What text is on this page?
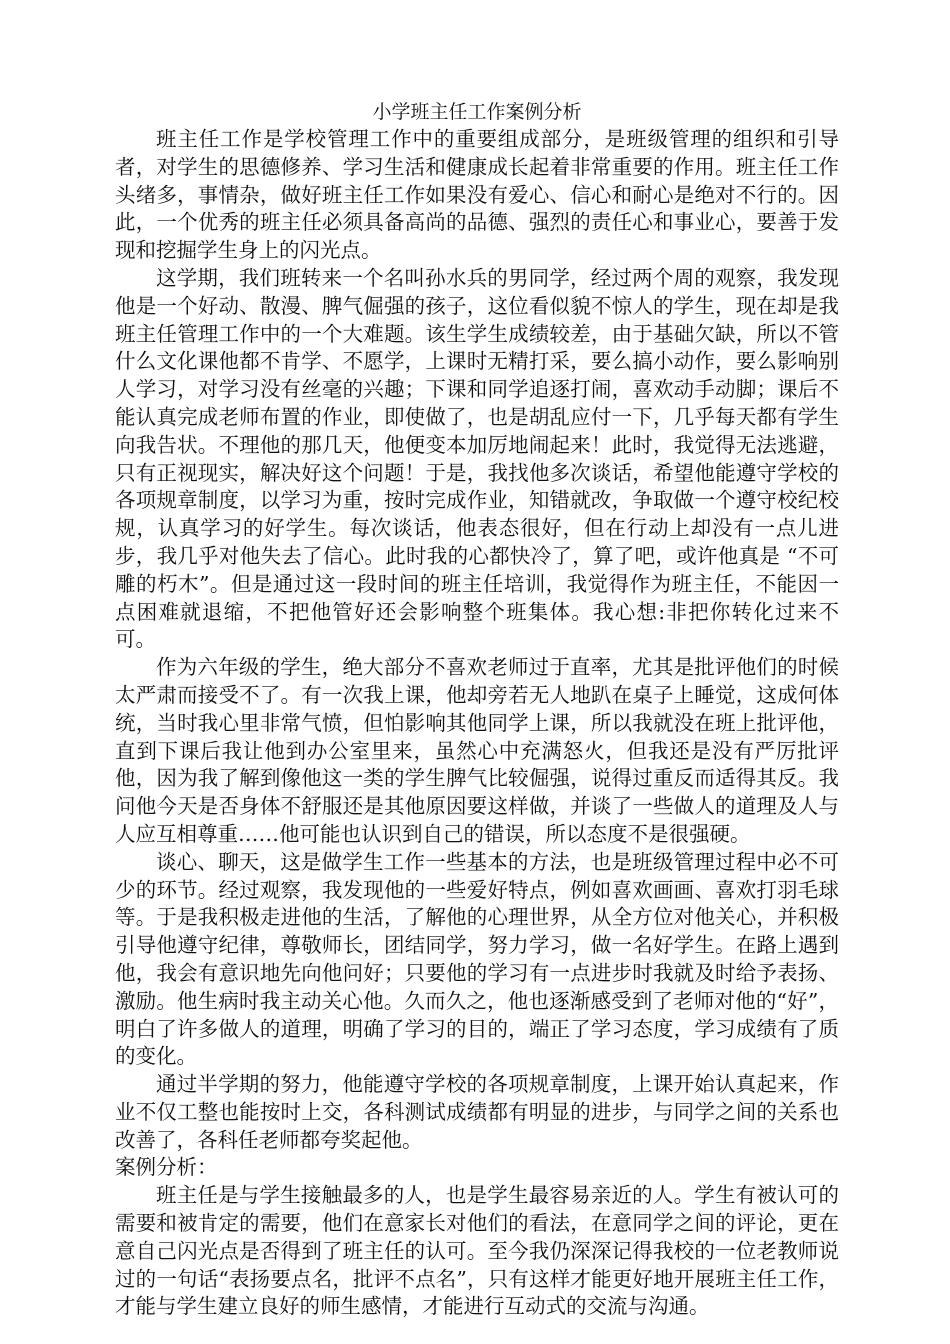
小学班主任工作案例分析

班主任工作是学校管理工作中的重要组成部分，是班级管理的组织和引导者，对学生的思德修养、学习生活和健康成长起着非常重要的作用。班主任工作头绪多，事情杂，做好班主任工作如果没有爱心、信心和耐心是绝对不行的。因此，一个优秀的班主任必须具备高尚的品德、强烈的责任心和事业心，要善于发现和挖掘学生身上的闪光点。

这学期，我们班转来一个名叫孙水兵的男同学，经过两个周的观察，我发现他是一个好动、散漫、脾气倔强的孩子，这位看似貌不惊人的学生，现在却是我班主任管理工作中的一个大难题。该生学生成绩较差，由于基础欠缺，所以不管什么文化课他都不肯学、不愿学，上课时无精打采，要么搞小动作，要么影响别人学习，对学习没有丝毫的兴趣；下课和同学追逐打闹，喜欢动手动脚；课后不能认真完成老师布置的作业，即使做了，也是胡乱应付一下，几乎每天都有学生向我告状。不理他的那几天，他便变本加厉地闹起来！此时，我觉得无法逃避，只有正视现实，解决好这个问题！于是，我找他多次谈话，希望他能遵守学校的各项规章制度，以学习为重，按时完成作业，知错就改，争取做一个遵守校纪校规，认真学习的好学生。每次谈话，他表态很好，但在行动上却没有一点儿进步，我几乎对他失去了信心。此时我的心都快冷了，算了吧，或许他真是 “不可雕的朽木”。但是通过这一段时间的班主任培训，我觉得作为班主任，不能因一点困难就退缩，不把他管好还会影响整个班集体。我心想:非把你转化过来不可。

作为六年级的学生，绝大部分不喜欢老师过于直率，尤其是批评他们的时候太严肃而接受不了。有一次我上课，他却旁若无人地趴在桌子上睡觉，这成何体统，当时我心里非常气愤，但怕影响其他同学上课，所以我就没在班上批评他，直到下课后我让他到办公室里来，虽然心中充满怒火，但我还是没有严厉批评他，因为我了解到像他这一类的学生脾气比较倔强，说得过重反而适得其反。我问他今天是否身体不舒服还是其他原因要这样做，并谈了一些做人的道理及人与人应互相尊重……他可能也认识到自己的错误，所以态度不是很强硬。

谈心、聊天，这是做学生工作一些基本的方法，也是班级管理过程中必不可少的环节。经过观察，我发现他的一些爱好特点，例如喜欢画画、喜欢打羽毛球等。于是我积极走进他的生活，了解他的心理世界，从全方位对他关心，并积极引导他遵守纪律，尊敬师长，团结同学，努力学习，做一名好学生。在路上遇到他，我会有意识地先向他问好；只要他的学习有一点进步时我就及时给予表扬、激励。他生病时我主动关心他。久而久之，他也逐渐感受到了老师对他的“好”，明白了许多做人的道理，明确了学习的目的，端正了学习态度，学习成绩有了质的变化。

通过半学期的努力，他能遵守学校的各项规章制度，上课开始认真起来，作业不仅工整也能按时上交，各科测试成绩都有明显的进步，与同学之间的关系也改善了，各科任老师都夸奖起他。

案例分析：

班主任是与学生接触最多的人，也是学生最容易亲近的人。学生有被认可的需要和被肯定的需要，他们在意家长对他们的看法，在意同学之间的评论，更在意自己闪光点是否得到了班主任的认可。至今我仍深深记得我校的一位老教师说过的一句话“表扬要点名，批评不点名”，只有这样才能更好地开展班主任工作，才能与学生建立良好的师生感情，才能进行互动式的交流与沟通。
